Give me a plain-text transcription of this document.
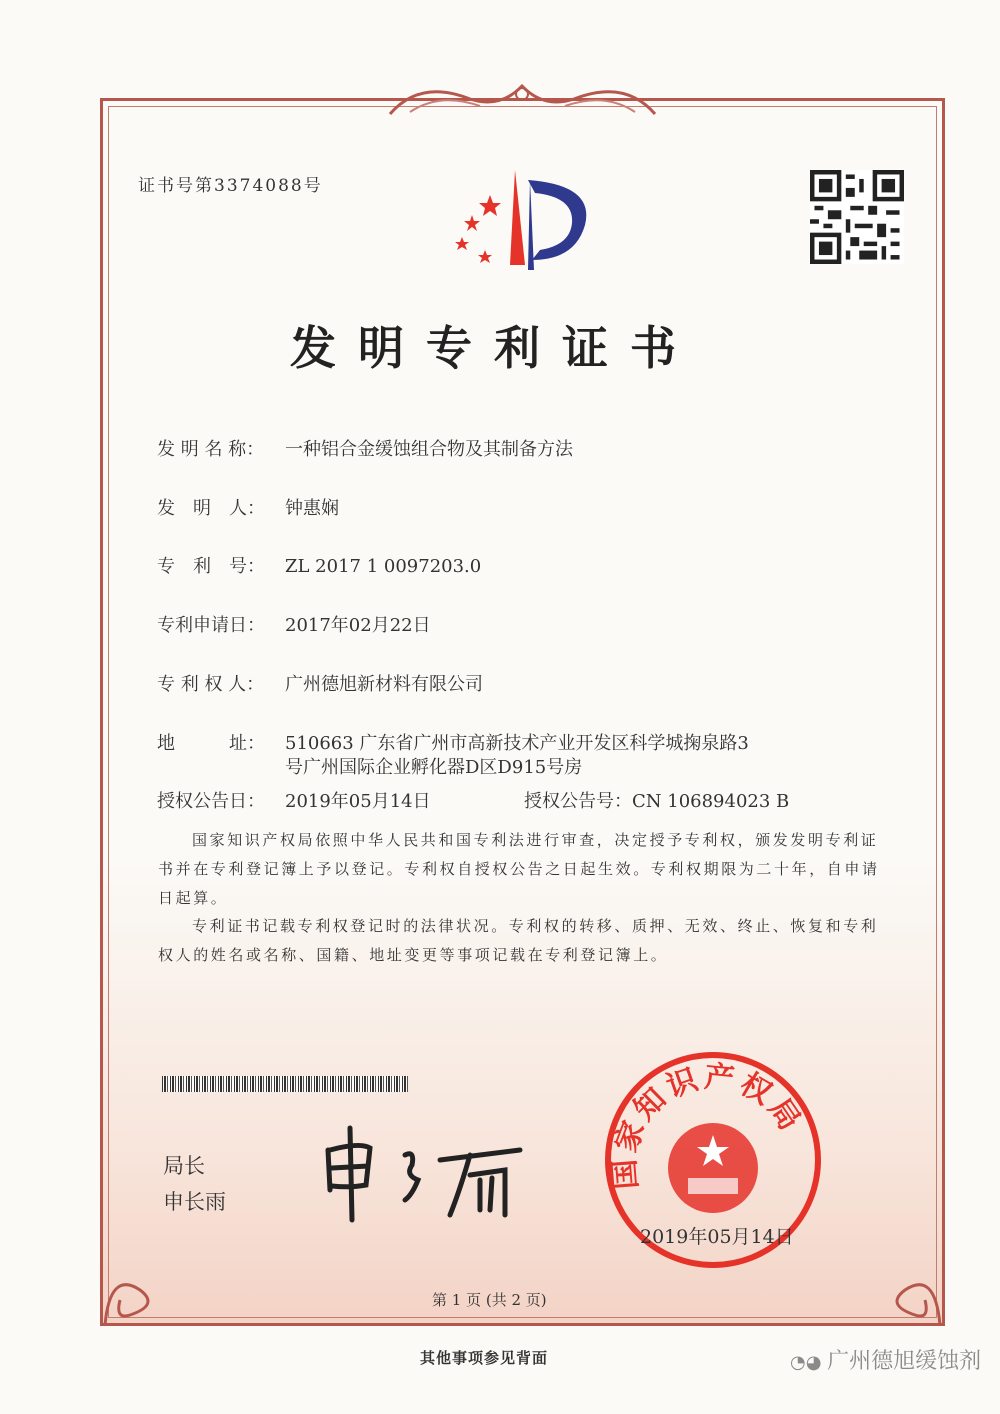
证书号第3374088号
发明专利证书
发 明 名 称： 一种铝合金缓蚀组合物及其制备方法
发　明　人： 钟惠娴
专　利　号： ZL 2017 1 0097203.0
专利申请日： 2017年02月22日
专 利 权 人： 广州德旭新材料有限公司
地　　　址： 510663 广东省广州市高新技术产业开发区科学城掬泉路3
号广州国际企业孵化器D区D915号房
授权公告日： 2019年05月14日	授权公告号：CN 106894023 B
国家知识产权局依照中华人民共和国专利法进行审查，决定授予专利权，颁发发明专利证书并在专利登记簿上予以登记。专利权自授权公告之日起生效。专利权期限为二十年，自申请日起算。
专利证书记载专利权登记时的法律状况。专利权的转移、质押、无效、终止、恢复和专利权人的姓名或名称、国籍、地址变更等事项记载在专利登记簿上。
局长
申长雨
国家知识产权局
2019年05月14日
第 1 页 (共 2 页)
其他事项参见背面	◔◕ 广州德旭缓蚀剂
